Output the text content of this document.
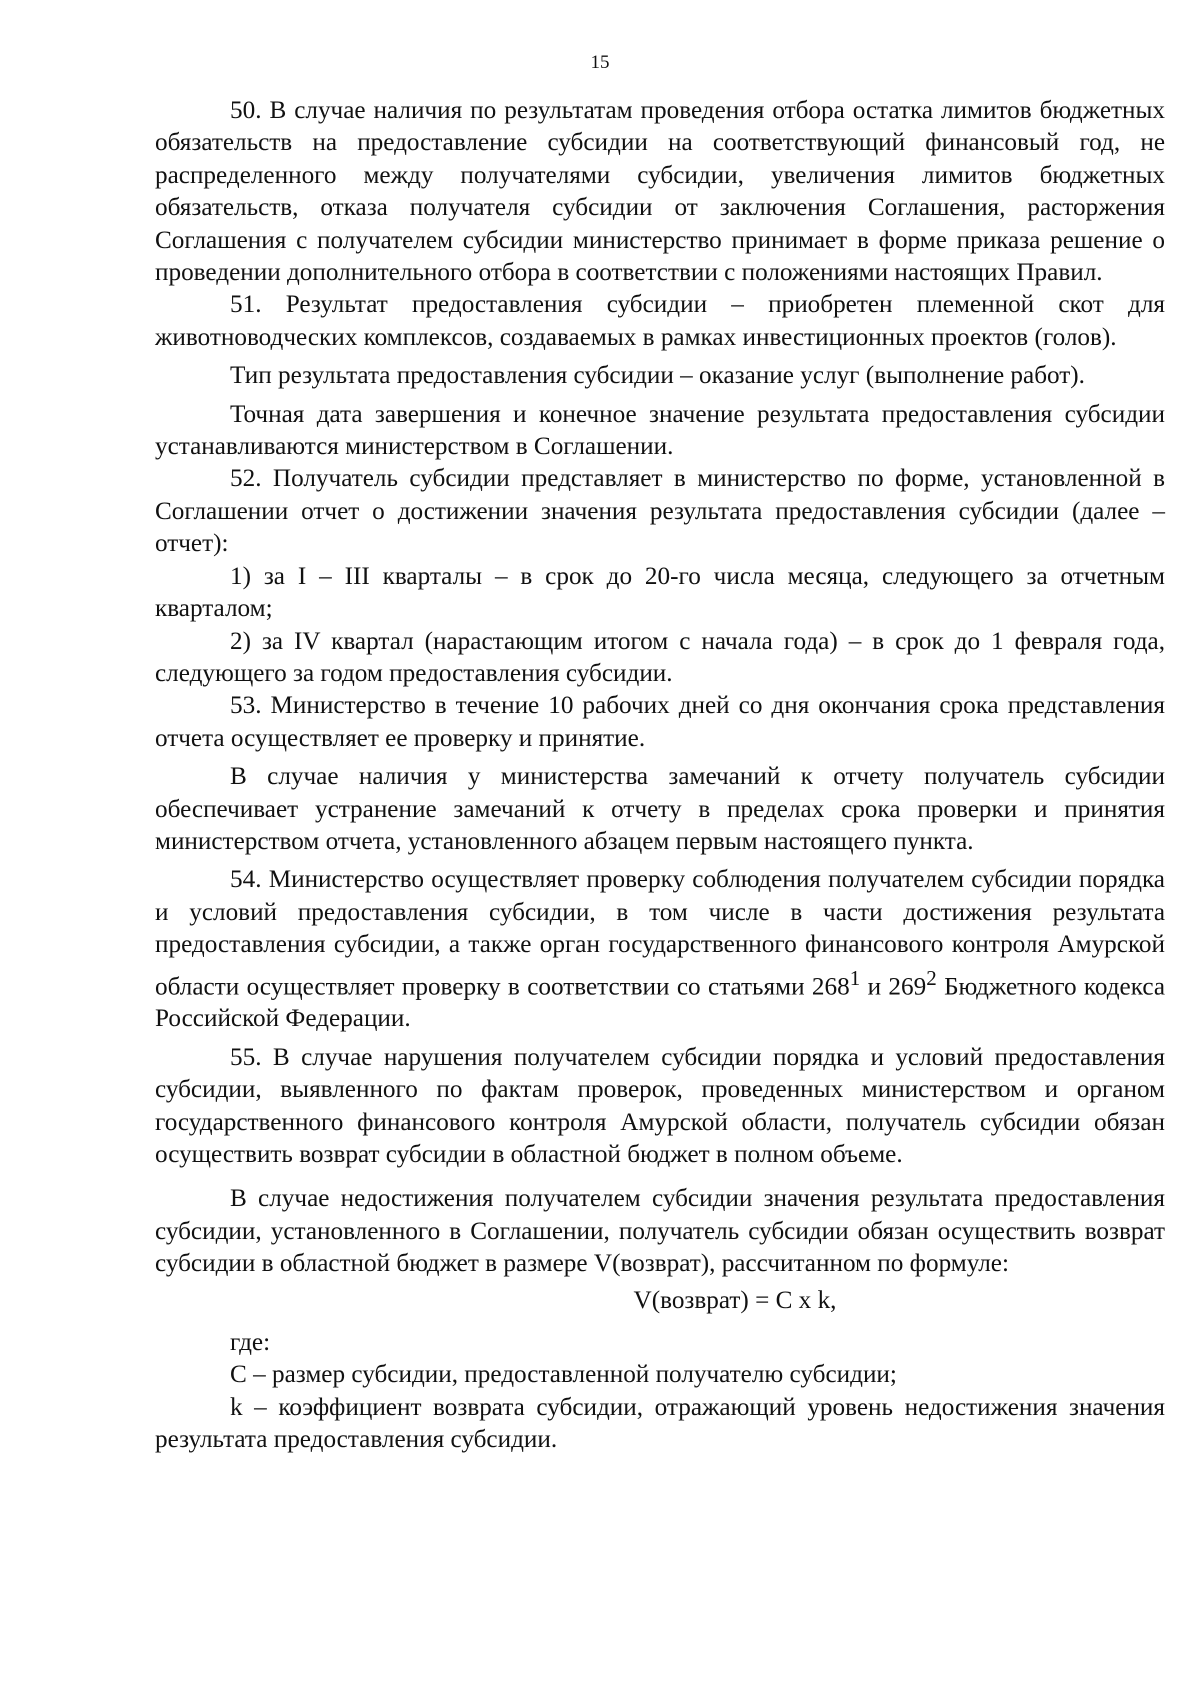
15

50. В случае наличия по результатам проведения отбора остатка лимитов бюджетных обязательств на предоставление субсидии на соответствующий финансовый год, не распределенного между получателями субсидии, увеличения лимитов бюджетных обязательств, отказа получателя субсидии от заключения Соглашения, расторжения Соглашения с получателем субсидии министерство принимает в форме приказа решение о проведении дополнительного отбора в соответствии с положениями настоящих Правил.

51. Результат предоставления субсидии – приобретен племенной скот для животноводческих комплексов, создаваемых в рамках инвестиционных проектов (голов).

Тип результата предоставления субсидии – оказание услуг (выполнение работ).

Точная дата завершения и конечное значение результата предоставления субсидии устанавливаются министерством в Соглашении.

52. Получатель субсидии представляет в министерство по форме, установленной в Соглашении отчет о достижении значения результата предоставления субсидии (далее – отчет):

1) за I – III кварталы – в срок до 20-го числа месяца, следующего за отчетным кварталом;

2) за IV квартал (нарастающим итогом с начала года) – в срок до 1 февраля года, следующего за годом предоставления субсидии.

53. Министерство в течение 10 рабочих дней со дня окончания срока представления отчета осуществляет ее проверку и принятие.

В случае наличия у министерства замечаний к отчету получатель субсидии обеспечивает устранение замечаний к отчету в пределах срока проверки и принятия министерством отчета, установленного абзацем первым настоящего пункта.

54. Министерство осуществляет проверку соблюдения получателем субсидии порядка и условий предоставления субсидии, в том числе в части достижения результата предоставления субсидии, а также орган государственного финансового контроля Амурской области осуществляет проверку в соответствии со статьями $268^1$ и $269^2$ Бюджетного кодекса Российской Федерации.

55. В случае нарушения получателем субсидии порядка и условий предоставления субсидии, выявленного по фактам проверок, проведенных министерством и органом государственного финансового контроля Амурской области, получатель субсидии обязан осуществить возврат субсидии в областной бюджет в полном объеме.

В случае недостижения получателем субсидии значения результата предоставления субсидии, установленного в Соглашении, получатель субсидии обязан осуществить возврат субсидии в областной бюджет в размере V(возврат), рассчитанном по формуле:

V(возврат) = C x k,

где:

C – размер субсидии, предоставленной получателю субсидии;

k – коэффициент возврата субсидии, отражающий уровень недостижения значения результата предоставления субсидии.
